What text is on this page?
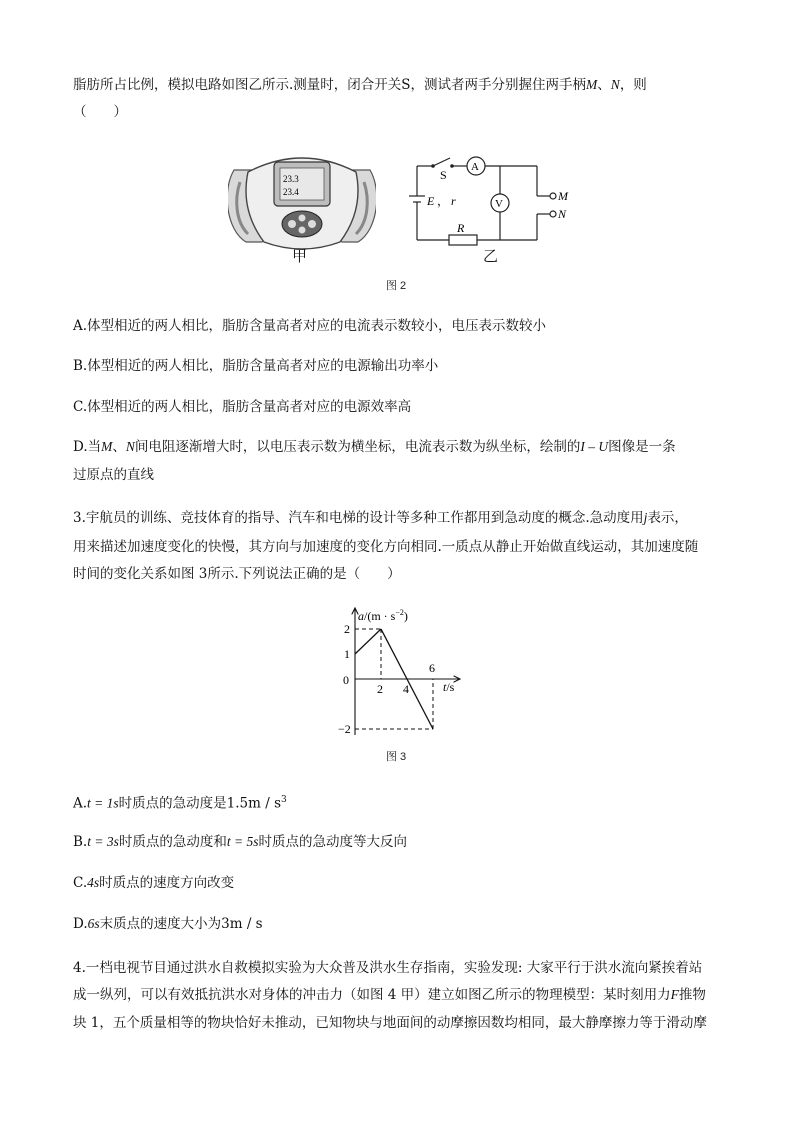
脂肪所占比例，模拟电路如图乙所示.测量时，闭合开关S，测试者两手分别握住两手柄M、N，则
（　　）
23.3
23.4
甲
S
A
V
E ， r
R
M
N
乙
图 2
A.体型相近的两人相比，脂肪含量高者对应的电流表示数较小，电压表示数较小
B.体型相近的两人相比，脂肪含量高者对应的电源输出功率小
C.体型相近的两人相比，脂肪含量高者对应的电源效率高
D.当M、N间电阻逐渐增大时，以电压表示数为横坐标，电流表示数为纵坐标，绘制的I – U图像是一条
过原点的直线
3.宇航员的训练、竞技体育的指导、汽车和电梯的设计等多种工作都用到急动度的概念.急动度用j表示，
用来描述加速度变化的快慢，其方向与加速度的变化方向相同.一质点从静止开始做直线运动，其加速度随
时间的变化关系如图 3所示.下列说法正确的是（　　）
$a/(m \cdot s^{-2})$
t/s
0
2 4
6
2
1
−2
图 3
A.t = 1s时质点的急动度是$1.5m / s^3$
B.t = 3s时质点的急动度和t = 5s时质点的急动度等大反向
C.4s时质点的速度方向改变
D.6s末质点的速度大小为3m / s
4.一档电视节目通过洪水自救模拟实验为大众普及洪水生存指南，实验发现: 大家平行于洪水流向紧挨着站
成一纵列，可以有效抵抗洪水对身体的冲击力（如图 4 甲）建立如图乙所示的物理模型：某时刻用力F推物
块 1，五个质量相等的物块恰好未推动，已知物块与地面间的动摩擦因数均相同，最大静摩擦力等于滑动摩
